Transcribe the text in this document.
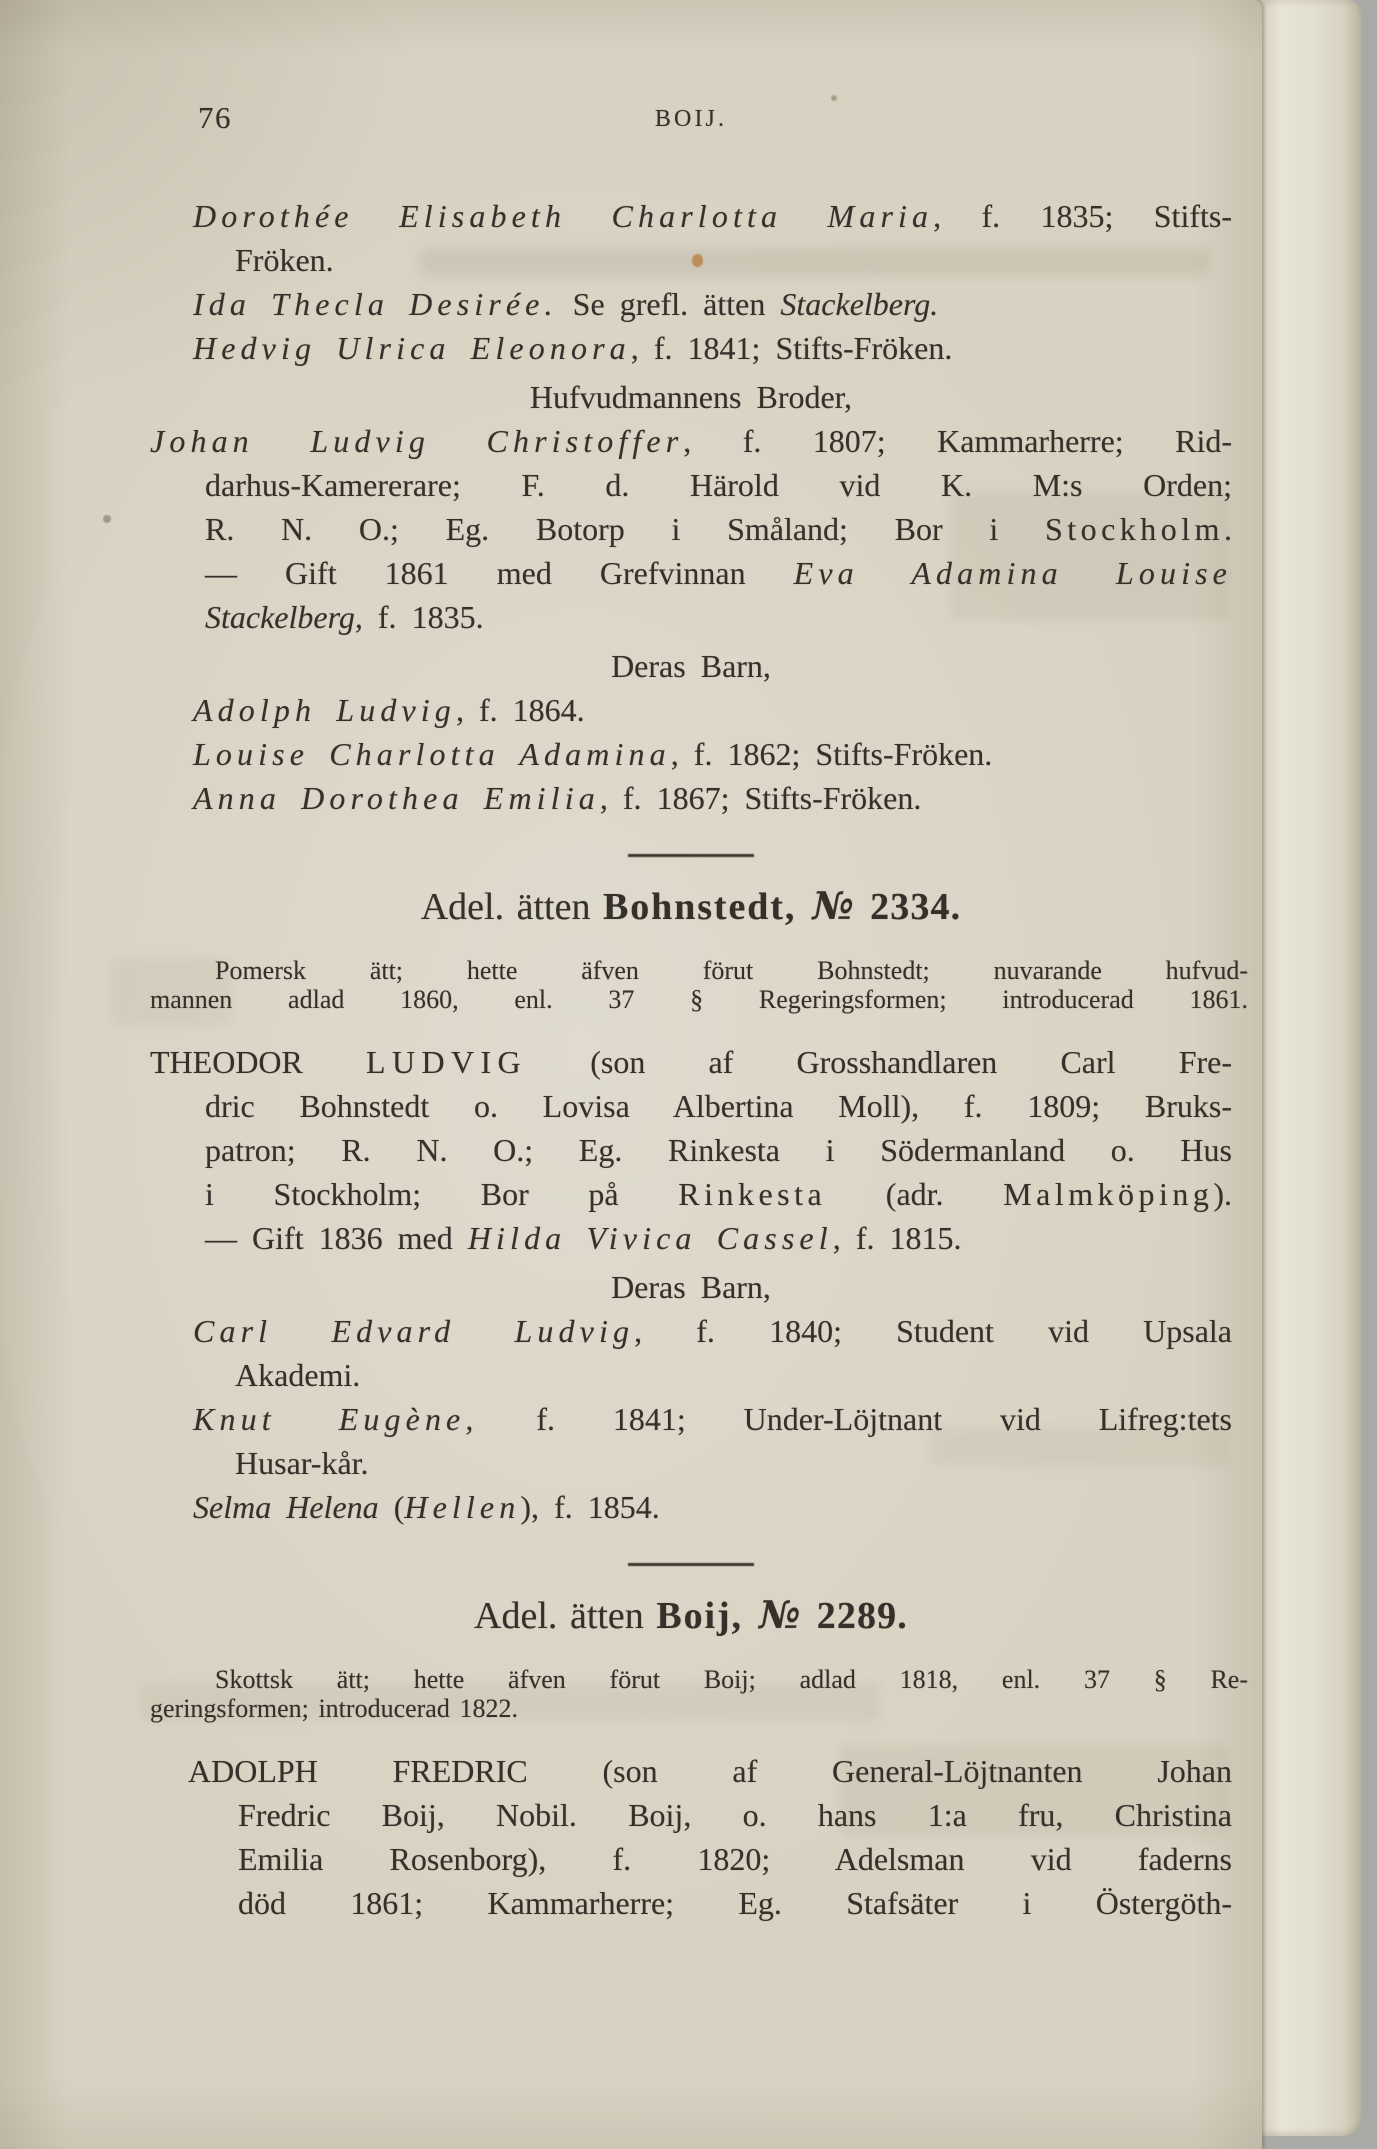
76	BOIJ.
Dorothée Elisabeth Charlotta Maria, f. 1835; Stifts-
Fröken.
Ida Thecla Desirée. Se grefl. ätten Stackelberg.
Hedvig Ulrica Eleonora, f. 1841; Stifts-Fröken.
Hufvudmannens Broder,
Johan Ludvig Christoffer, f. 1807; Kammarherre; Rid-
darhus-Kamererare; F. d. Härold vid K. M:s Orden;
R. N. O.; Eg. Botorp i Småland; Bor i Stockholm.
— Gift 1861 med Grefvinnan Eva Adamina Louise
Stackelberg, f. 1835.
Deras Barn,
Adolph Ludvig, f. 1864.
Louise Charlotta Adamina, f. 1862; Stifts-Fröken.
Anna Dorothea Emilia, f. 1867; Stifts-Fröken.
Adel. ätten Bohnstedt, № 2334.
Pomersk ätt; hette äfven förut Bohnstedt; nuvarande hufvud-
mannen adlad 1860, enl. 37 § Regeringsformen; introducerad 1861.
THEODOR LUDVIG (son af Grosshandlaren Carl Fre-
dric Bohnstedt o. Lovisa Albertina Moll), f. 1809; Bruks-
patron; R. N. O.; Eg. Rinkesta i Södermanland o. Hus
i Stockholm; Bor på Rinkesta (adr. Malmköping).
— Gift 1836 med Hilda Vivica Cassel, f. 1815.
Deras Barn,
Carl Edvard Ludvig, f. 1840; Student vid Upsala
Akademi.
Knut Eugène, f. 1841; Under-Löjtnant vid Lifreg:tets
Husar-kår.
Selma Helena (Hellen), f. 1854.
Adel. ätten Boij, № 2289.
Skottsk ätt; hette äfven förut Boij; adlad 1818, enl. 37 § Re-
geringsformen; introducerad 1822.
ADOLPH FREDRIC (son af General-Löjtnanten Johan
Fredric Boij, Nobil. Boij, o. hans 1:a fru, Christina
Emilia Rosenborg), f. 1820; Adelsman vid faderns
död 1861; Kammarherre; Eg. Stafsäter i Östergöth-
